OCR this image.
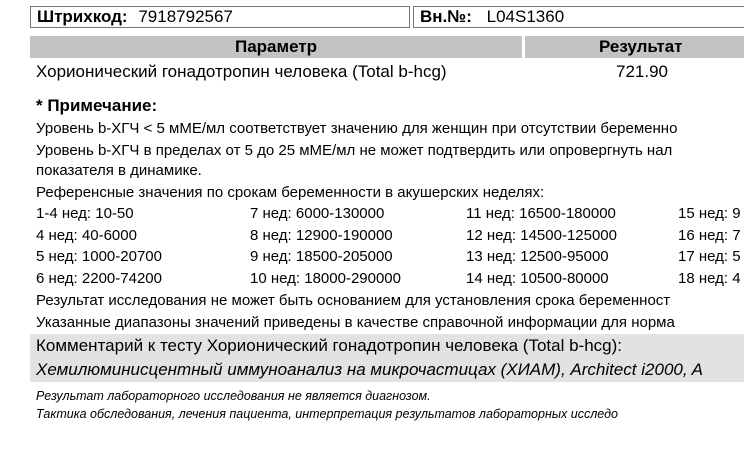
Штрихкод: 7918792567	Вн.№: L04S1360
Параметр	Результат
Хорионический гонадотропин человека (Total b-hcg)	721.90
* Примечание:
Уровень b-ХГЧ < 5 мМЕ/мл соответствует значению для женщин при отсутствии беременно
Уровень b-ХГЧ в пределах от 5 до 25 мМЕ/мл не может подтвердить или опровергнуть нал
показателя в динамике.
Референсные значения по срокам беременности в акушерских неделях:
1-4 нед: 10-50	7 нед: 6000-130000	11 нед: 16500-180000	15 нед: 9
4 нед: 40-6000	8 нед: 12900-190000	12 нед: 14500-125000	16 нед: 7
5 нед: 1000-20700	9 нед: 18500-205000	13 нед: 12500-95000	17 нед: 5
6 нед: 2200-74200	10 нед: 18000-290000	14 нед: 10500-80000	18 нед: 4
Результат исследования не может быть основанием для установления срока беременност
Указанные диапазоны значений приведены в качестве справочной информации для норма
Комментарий к тесту Хорионический гонадотропин человека (Total b-hcg):
Хемилюминисцентный иммуноанализ на микрочастицах (ХИАМ), Architect i2000, A
Результат лабораторного исследования не является диагнозом.
Тактика обследования, лечения пациента, интерпретация результатов лабораторных исследо
